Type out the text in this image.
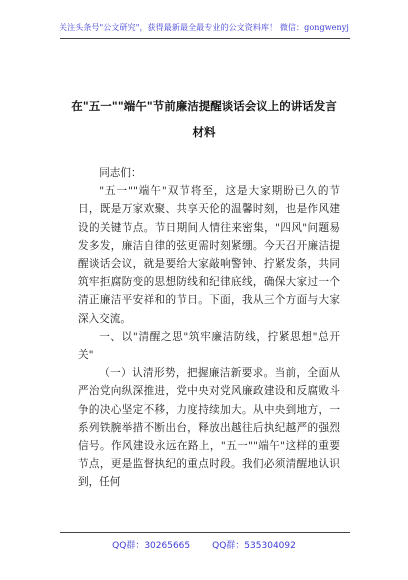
关注头条号"公文研究"，获得最新最全最专业的公文资料库！ 微信：gongwenyj
在"五一""端午"节前廉洁提醒谈话会议上的讲话发言
材料

同志们：

"五一""端午"双节将至，这是大家期盼已久的节日，既是万家欢聚、共享天伦的温馨时刻，也是作风建设的关键节点。节日期间人情往来密集，"四风"问题易发多发，廉洁自律的弦更需时刻紧绷。今天召开廉洁提醒谈话会议，就是要给大家敲响警钟、拧紧发条，共同筑牢拒腐防变的思想防线和纪律底线，确保大家过一个清正廉洁平安祥和的节日。下面，我从三个方面与大家深入交流。

一、以"清醒之思"筑牢廉洁防线，拧紧思想"总开关"

（一）认清形势，把握廉洁新要求。当前，全面从严治党向纵深推进，党中央对党风廉政建设和反腐败斗争的决心坚定不移，力度持续加大。从中央到地方，一系列铁腕举措不断出台，释放出越往后执纪越严的强烈信号。作风建设永远在路上，"五一""端午"这样的重要节点，更是监督执纪的重点时段。我们必须清醒地认识到，任何

QQ群：30265665 QQ群：535304092
